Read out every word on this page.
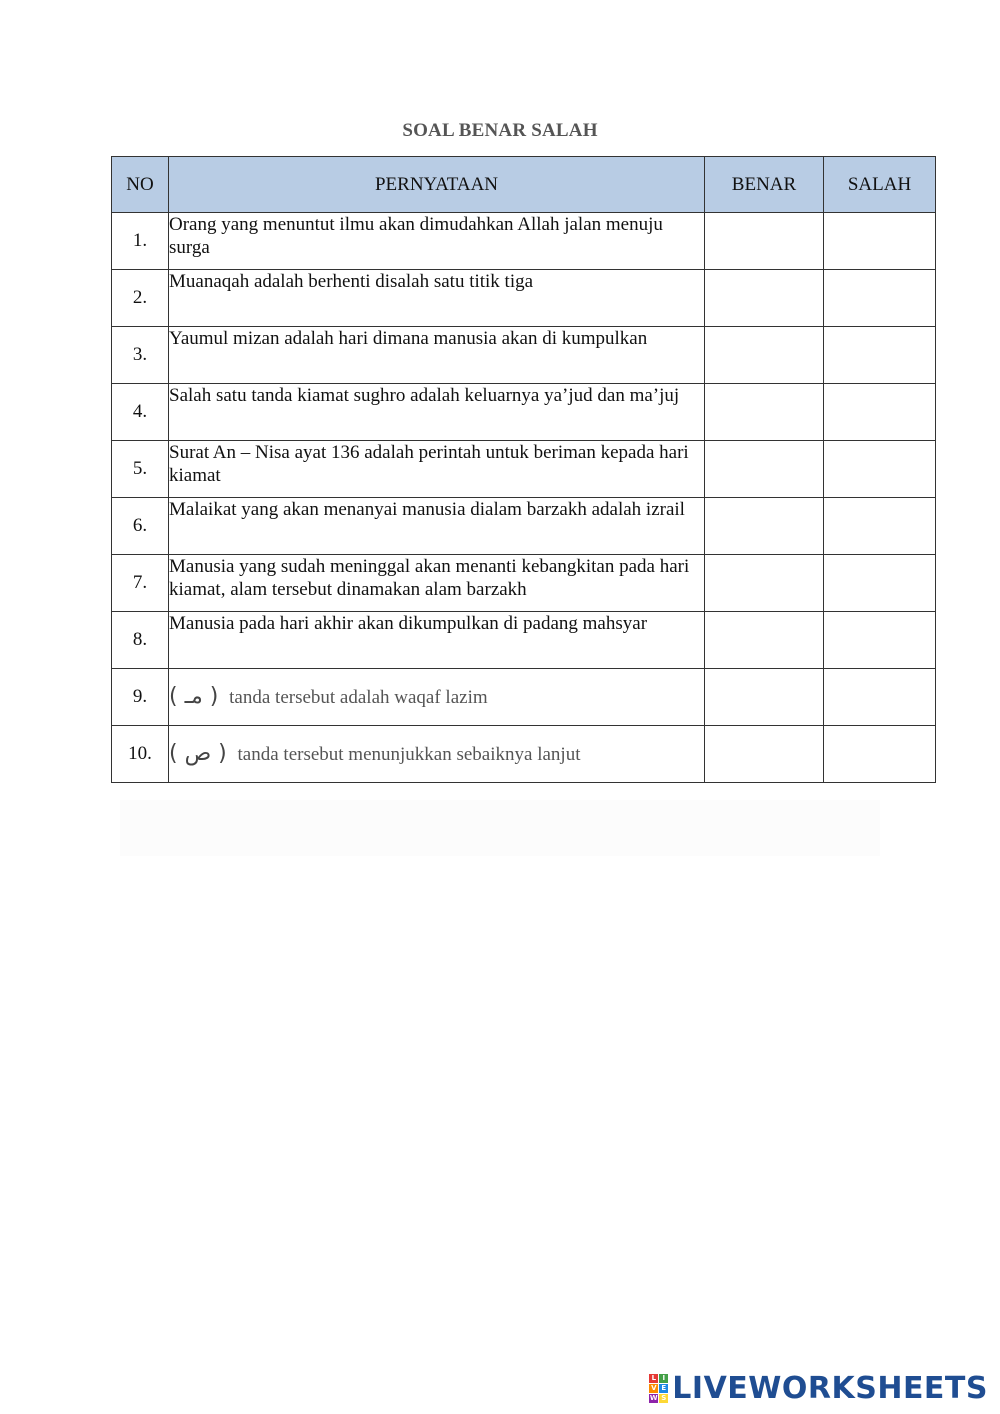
SOAL BENAR SALAH
NO	PERNYATAAN	BENAR	SALAH
1.	Orang yang menuntut ilmu akan dimudahkan Allah jalan menuju surga		
2.	Muanaqah adalah berhenti disalah satu titik tiga		
3.	Yaumul mizan adalah hari dimana manusia akan di kumpulkan		
4.	Salah satu tanda kiamat sughro adalah keluarnya ya’jud dan ma’juj		
5.	Surat An – Nisa ayat 136 adalah perintah untuk beriman kepada hari kiamat		
6.	Malaikat yang akan menanyai manusia dialam barzakh adalah izrail		
7.	Manusia yang sudah meninggal akan menanti kebangkitan pada hari kiamat, alam tersebut dinamakan alam barzakh		
8.	Manusia pada hari akhir akan dikumpulkan di padang mahsyar		
9.	( مـ ) tanda tersebut adalah waqaf lazim		
10.	( ص ) tanda tersebut menunjukkan sebaiknya lanjut		
L I
V E
W S LIVEWORKSHEETS
